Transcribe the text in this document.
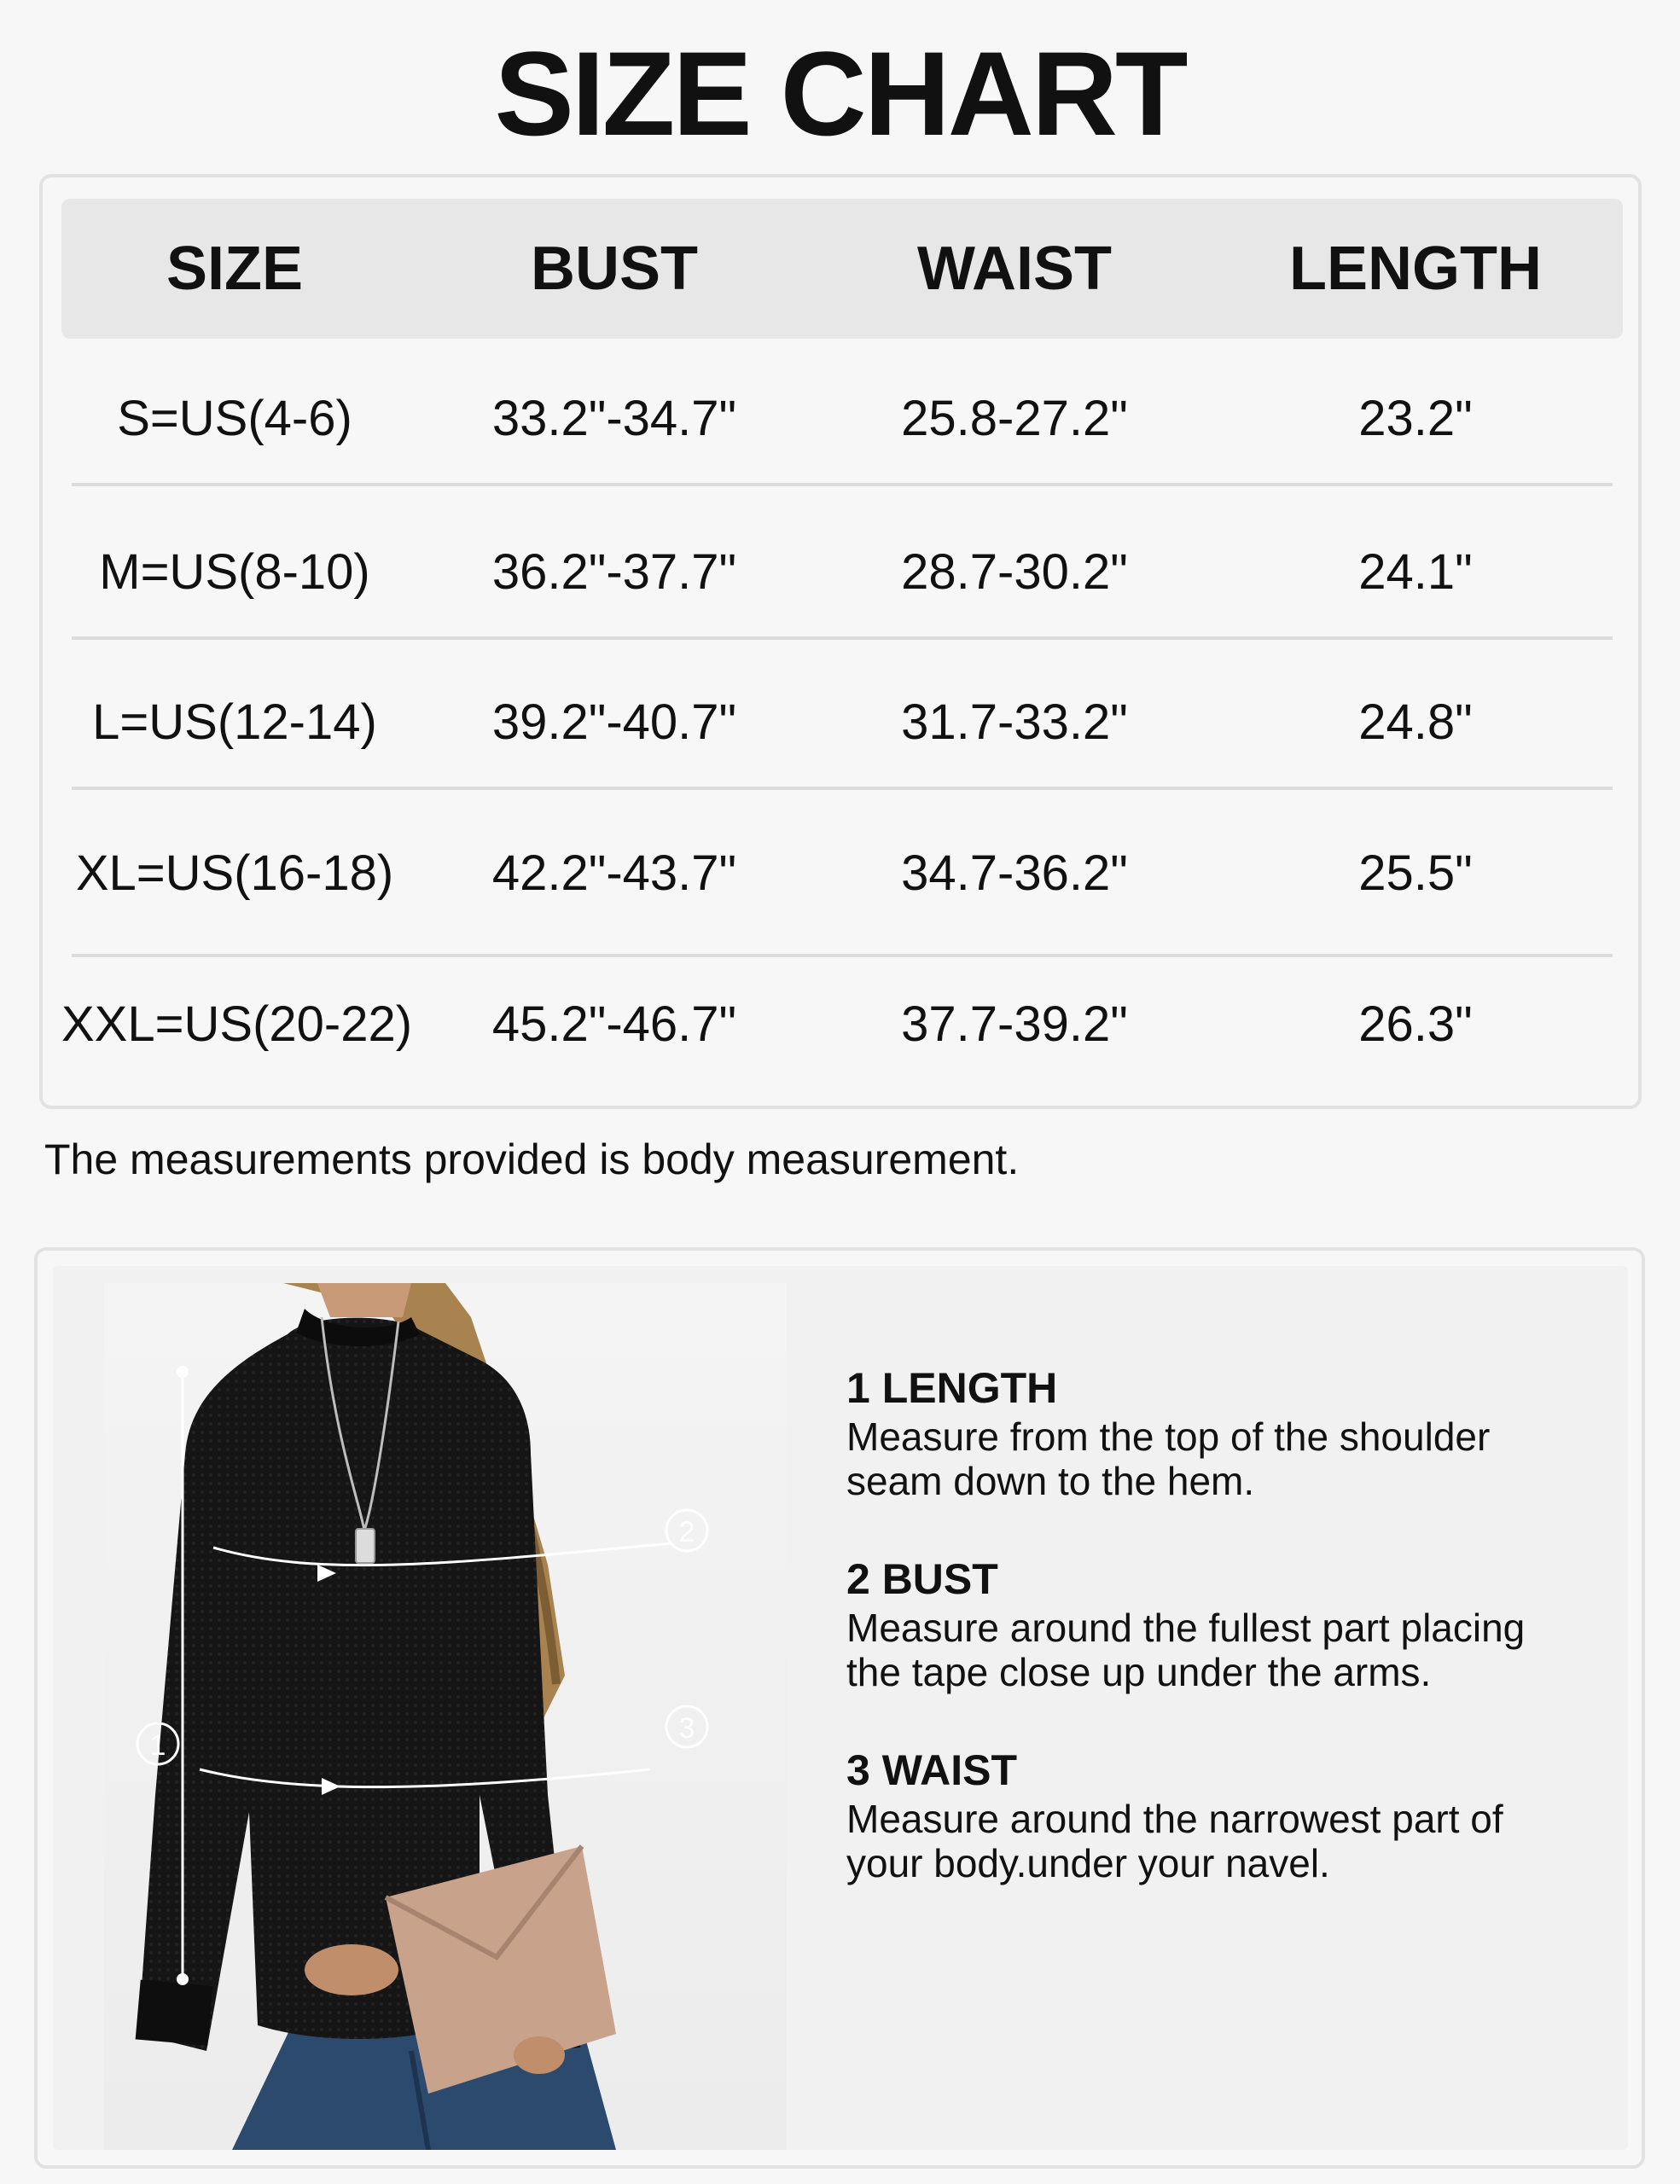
SIZE CHART
SIZE	BUST	WAIST	LENGTH
S=US(4-6)	33.2"-34.7"	25.8-27.2"	23.2"
M=US(8-10)	36.2"-37.7"	28.7-30.2"	24.1"
L=US(12-14)	39.2"-40.7"	31.7-33.2"	24.8"
XL=US(16-18)	42.2"-43.7"	34.7-36.2"	25.5"
XXL=US(20-22)	45.2"-46.7"	37.7-39.2"	26.3"
The measurements provided is body measurement.
1
2
3

1 LENGTH

Measure from the top of the shoulder
seam down to the hem.

2 BUST

Measure around the fullest part placing
the tape close up under the arms.

3 WAIST

Measure around the narrowest part of
your body.under your navel.
